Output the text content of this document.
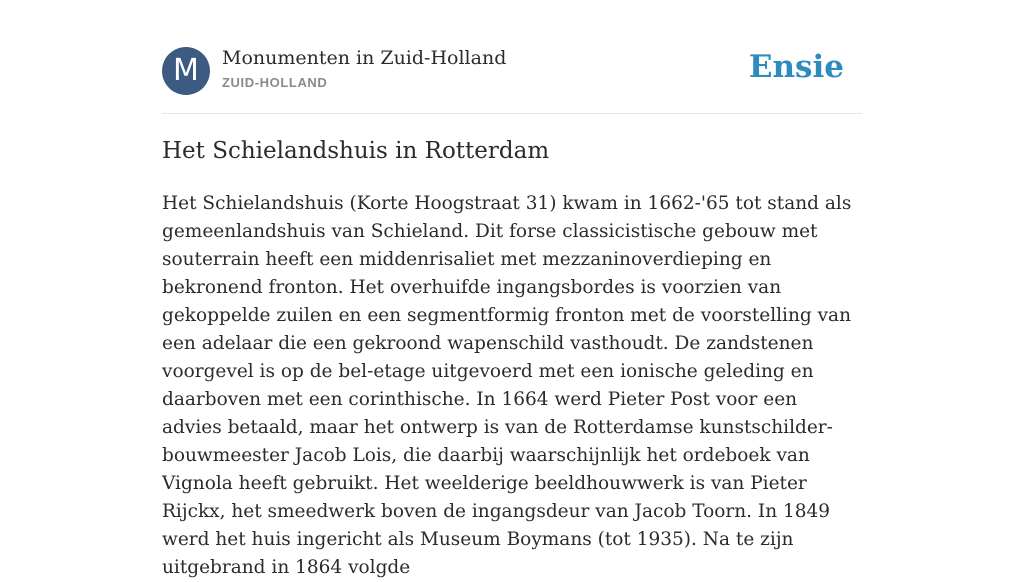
M	Monumenten in Zuid-Holland
ZUID-HOLLAND	Ensie
Het Schielandshuis in Rotterdam

Het Schielandshuis (Korte Hoogstraat 31) kwam in 1662-'65 tot stand als gemeenlandshuis van Schieland. Dit forse classicistische gebouw met souterrain heeft een middenrisaliet met mezzaninoverdieping en bekronend fronton. Het overhuifde ingangsbordes is voorzien van gekoppelde zuilen en een segmentformig fronton met de voorstelling van een adelaar die een gekroond wapenschild vasthoudt. De zandstenen voorgevel is op de bel-etage uitgevoerd met een ionische geleding en daarboven met een corinthische. In 1664 werd Pieter Post voor een advies betaald, maar het ontwerp is van de Rotterdamse kunstschilder-bouwmeester Jacob Lois, die daarbij waarschijnlijk het ordeboek van Vignola heeft gebruikt. Het weelderige beeldhouwwerk is van Pieter Rijckx, het smeedwerk boven de ingangsdeur van Jacob Toorn. In 1849 werd het huis ingericht als Museum Boymans (tot 1935). Na te zijn uitgebrand in 1864 volgde
